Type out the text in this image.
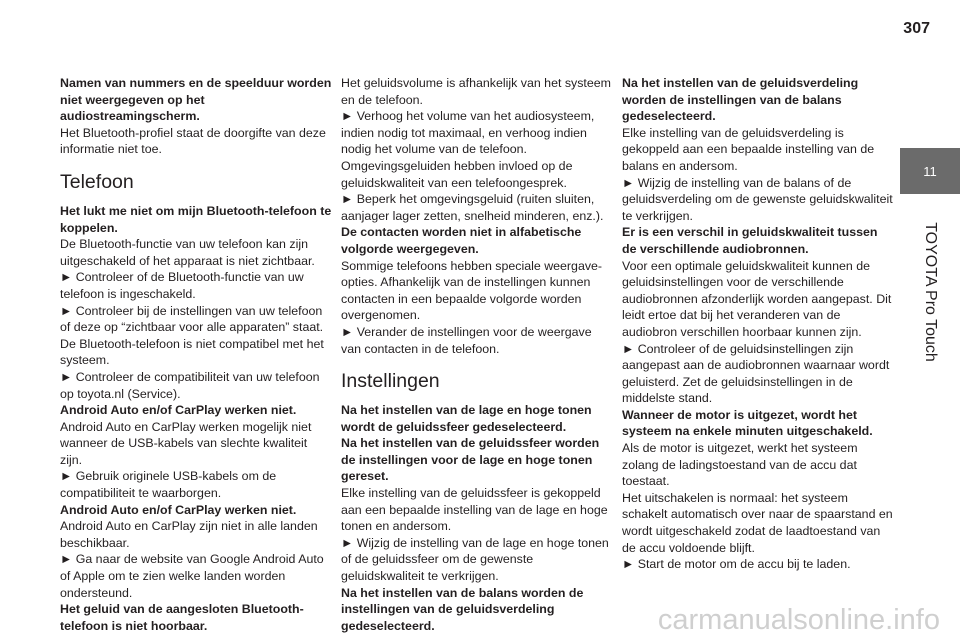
307
11
TOYOTA Pro Touch

Namen van nummers en de speelduur worden niet weergegeven op het audiostreamingscherm.

Het Bluetooth-profiel staat de doorgifte van deze informatie niet toe.

Telefoon

Het lukt me niet om mijn Bluetooth-telefoon te koppelen.

De Bluetooth-functie van uw telefoon kan zijn uitgeschakeld of het apparaat is niet zichtbaar.

► Controleer of de Bluetooth-functie van uw telefoon is ingeschakeld.

► Controleer bij de instellingen van uw telefoon of deze op “zichtbaar voor alle apparaten” staat.

De Bluetooth-telefoon is niet compatibel met het systeem.

► Controleer de compatibiliteit van uw telefoon op toyota.nl (Service).

Android Auto en/of CarPlay werken niet.

Android Auto en CarPlay werken mogelijk niet wanneer de USB-kabels van slechte kwaliteit zijn.

► Gebruik originele USB-kabels om de compatibiliteit te waarborgen.

Android Auto en/of CarPlay werken niet.

Android Auto en CarPlay zijn niet in alle landen beschikbaar.

► Ga naar de website van Google Android Auto of Apple om te zien welke landen worden ondersteund.

Het geluid van de aangesloten Bluetooth-telefoon is niet hoorbaar.

Het geluidsvolume is afhankelijk van het systeem en de telefoon.

► Verhoog het volume van het audiosysteem, indien nodig tot maximaal, en verhoog indien nodig het volume van de telefoon.

Omgevingsgeluiden hebben invloed op de geluidskwaliteit van een telefoongesprek.

► Beperk het omgevingsgeluid (ruiten sluiten, aanjager lager zetten, snelheid minderen, enz.).

De contacten worden niet in alfabetische volgorde weergegeven.

Sommige telefoons hebben speciale weergave-opties. Afhankelijk van de instellingen kunnen contacten in een bepaalde volgorde worden overgenomen.

► Verander de instellingen voor de weergave van contacten in de telefoon.

Instellingen

Na het instellen van de lage en hoge tonen wordt de geluidssfeer gedeselecteerd.

Na het instellen van de geluidssfeer worden de instellingen voor de lage en hoge tonen gereset.

Elke instelling van de geluidssfeer is gekoppeld aan een bepaalde instelling van de lage en hoge tonen en andersom.

► Wijzig de instelling van de lage en hoge tonen of de geluidssfeer om de gewenste geluidskwaliteit te verkrijgen.

Na het instellen van de balans worden de instellingen van de geluidsverdeling gedeselecteerd.

Na het instellen van de geluidsverdeling worden de instellingen van de balans gedeselecteerd.

Elke instelling van de geluidsverdeling is gekoppeld aan een bepaalde instelling van de balans en andersom.

► Wijzig de instelling van de balans of de geluidsverdeling om de gewenste geluidskwaliteit te verkrijgen.

Er is een verschil in geluidskwaliteit tussen de verschillende audiobronnen.

Voor een optimale geluidskwaliteit kunnen de geluidsinstellingen voor de verschillende audiobronnen afzonderlijk worden aangepast. Dit leidt ertoe dat bij het veranderen van de audiobron verschillen hoorbaar kunnen zijn.

► Controleer of de geluidsinstellingen zijn aangepast aan de audiobronnen waarnaar wordt geluisterd. Zet de geluidsinstellingen in de middelste stand.

Wanneer de motor is uitgezet, wordt het systeem na enkele minuten uitgeschakeld.

Als de motor is uitgezet, werkt het systeem zolang de ladingstoestand van de accu dat toestaat.

Het uitschakelen is normaal: het systeem schakelt automatisch over naar de spaarstand en wordt uitgeschakeld zodat de laadtoestand van de accu voldoende blijft.

► Start de motor om de accu bij te laden.

carmanualsonline.info
